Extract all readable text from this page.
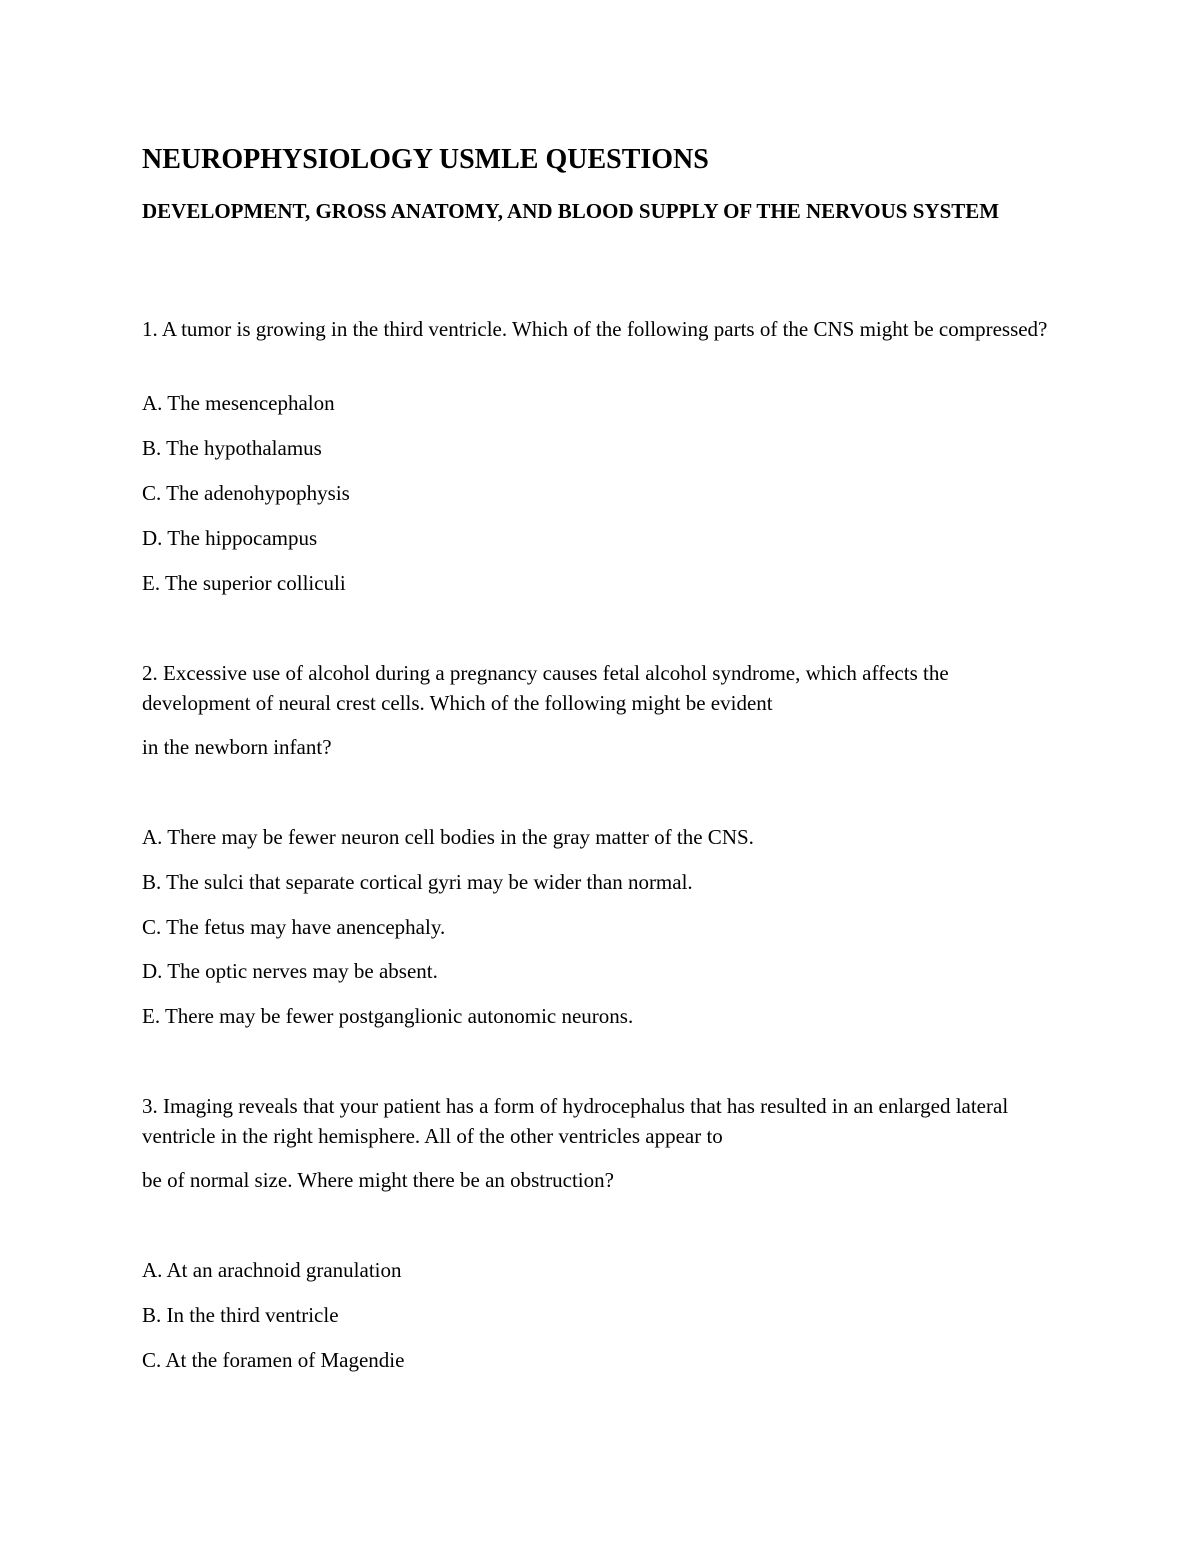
NEUROPHYSIOLOGY USMLE QUESTIONS
DEVELOPMENT, GROSS ANATOMY, AND BLOOD SUPPLY OF THE NERVOUS SYSTEM

1. A tumor is growing in the third ventricle. Which of the following parts of the CNS might be compressed?

A. The mesencephalon

B. The hypothalamus

C. The adenohypophysis

D. The hippocampus

E. The superior colliculi

2. Excessive use of alcohol during a pregnancy causes fetal alcohol syndrome, which affects the development of neural crest cells. Which of the following might be evident

in the newborn infant?

A. There may be fewer neuron cell bodies in the gray matter of the CNS.

B. The sulci that separate cortical gyri may be wider than normal.

C. The fetus may have anencephaly.

D. The optic nerves may be absent.

E. There may be fewer postganglionic autonomic neurons.

3. Imaging reveals that your patient has a form of hydrocephalus that has resulted in an enlarged lateral ventricle in the right hemisphere. All of the other ventricles appear to

be of normal size. Where might there be an obstruction?

A. At an arachnoid granulation

B. In the third ventricle

C. At the foramen of Magendie
